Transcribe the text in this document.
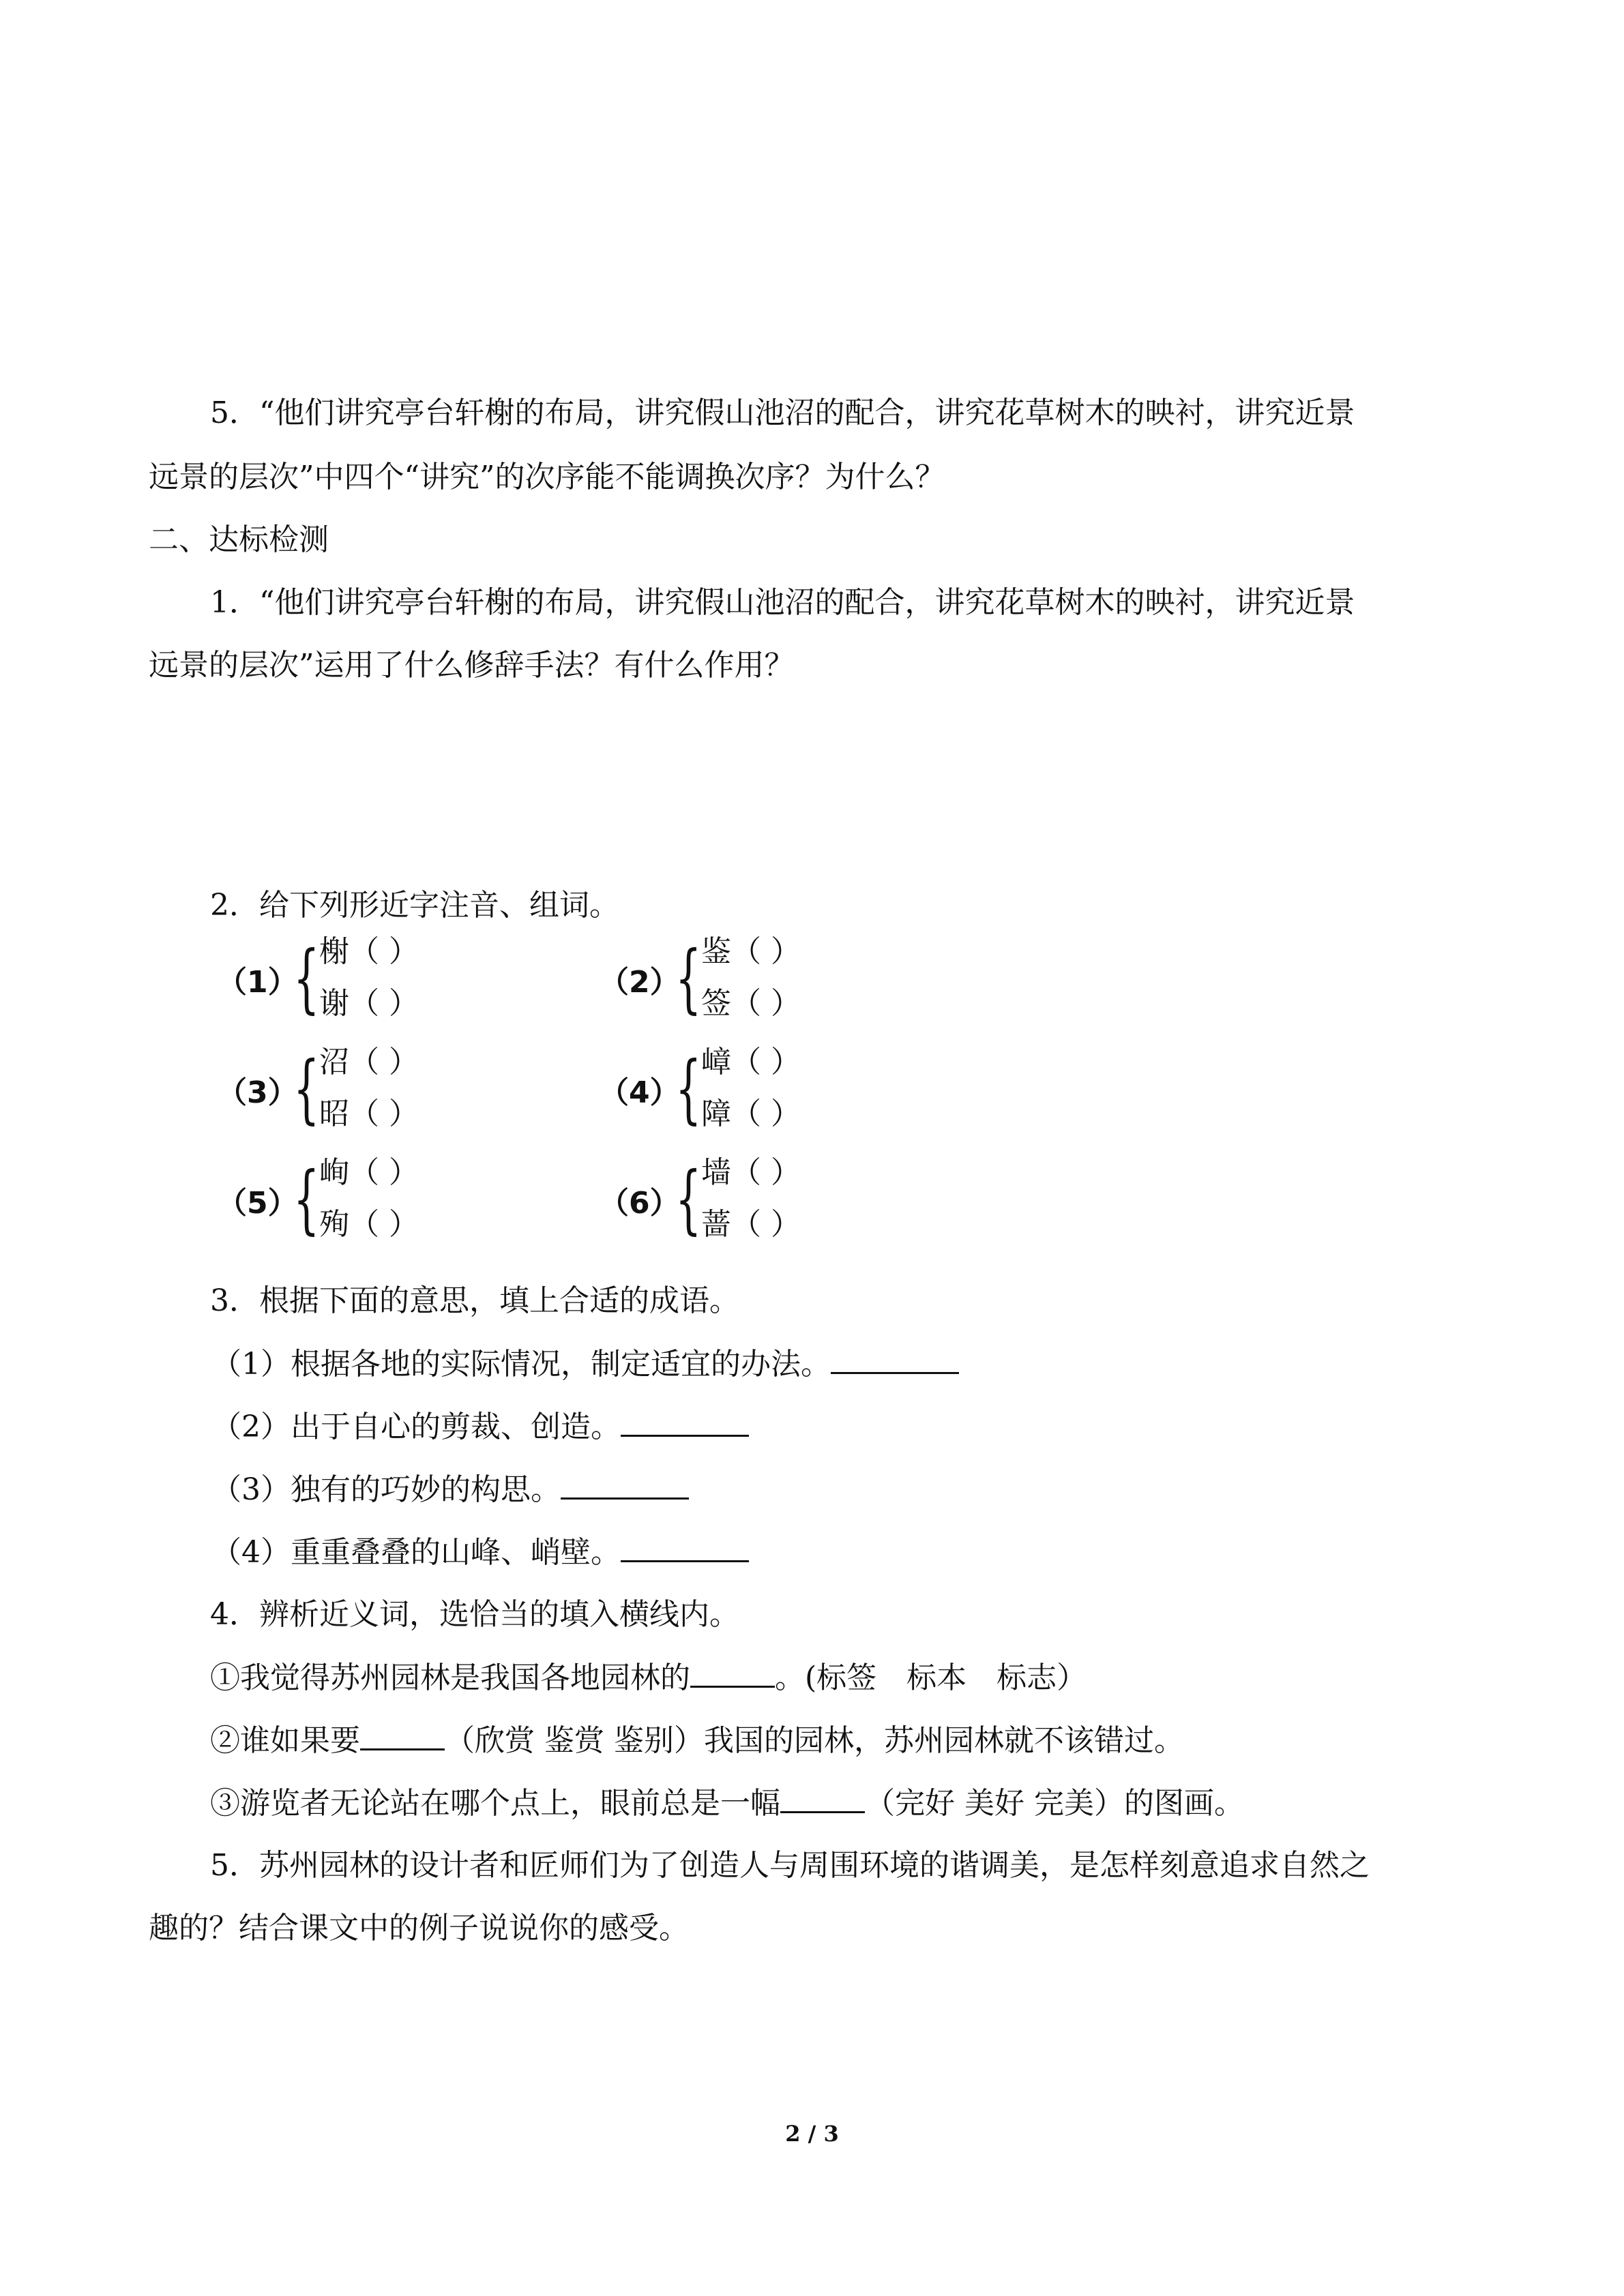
5．“他们讲究亭台轩榭的布局，讲究假山池沼的配合，讲究花草树木的映衬，讲究近景
远景的层次”中四个“讲究”的次序能不能调换次序？为什么？
二、达标检测
1．“他们讲究亭台轩榭的布局，讲究假山池沼的配合，讲究花草树木的映衬，讲究近景
远景的层次”运用了什么修辞手法？有什么作用？
2．给下列形近字注音、组词。
（1）
{ 榭（ ）
谢（ ）
（2）
{ 鉴（ ）
签（ ）
（3）
{ 沼（ ）
昭（ ）
（4）
{ 嶂（ ）
障（ ）
（5）
{ 峋（ ）
殉（ ）
（6）
{ 墙（ ）
蔷（ ）
3．根据下面的意思，填上合适的成语。
（1）根据各地的实际情况，制定适宜的办法。
（2）出于自心的剪裁、创造。
（3）独有的巧妙的构思。
（4）重重叠叠的山峰、峭壁。
4．辨析近义词，选恰当的填入横线内。
①我觉得苏州园林是我国各地园林的	。(标签　标本　标志）
②谁如果要	（欣赏 鉴赏 鉴别）我国的园林，苏州园林就不该错过。
③游览者无论站在哪个点上，眼前总是一幅	（完好 美好 完美）的图画。
5．苏州园林的设计者和匠师们为了创造人与周围环境的谐调美，是怎样刻意追求自然之
趣的？结合课文中的例子说说你的感受。
2 / 3
